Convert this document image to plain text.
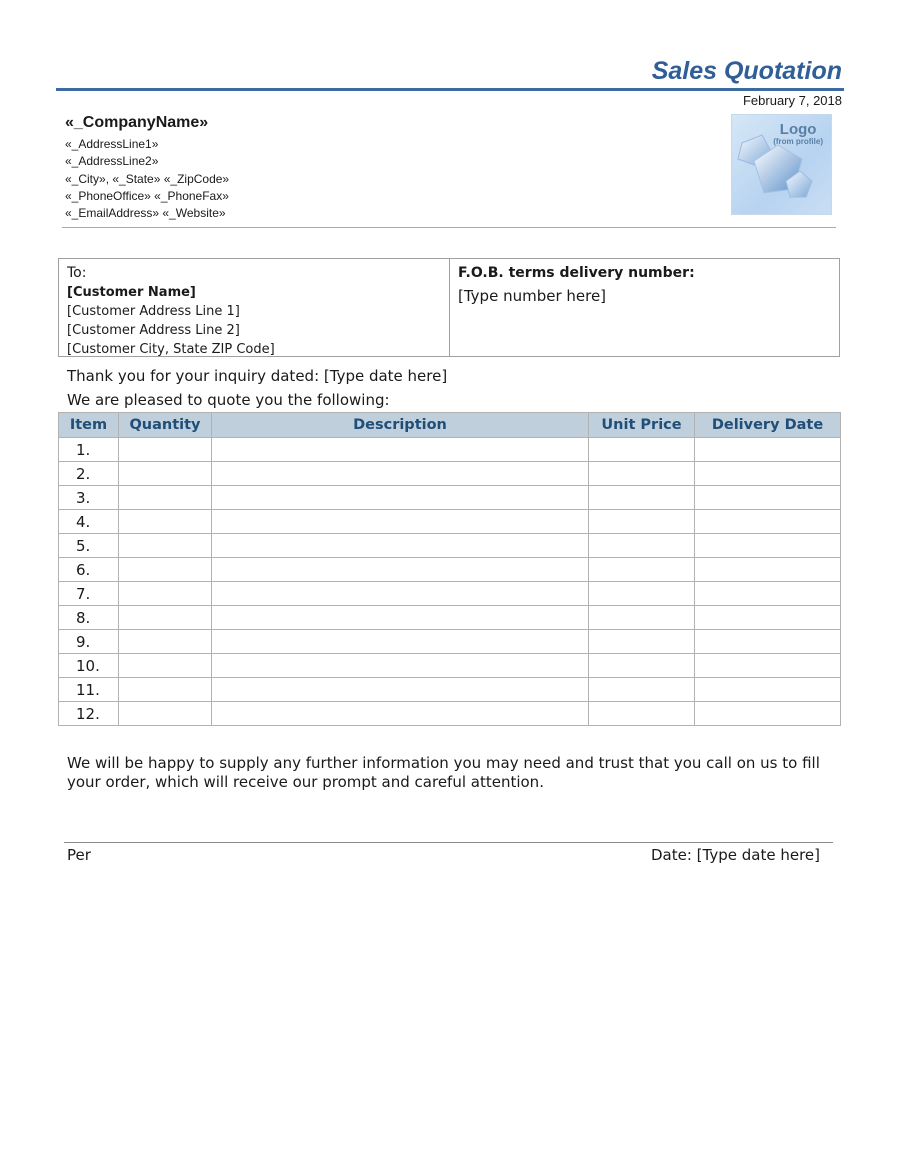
Sales Quotation
February 7, 2018
«_CompanyName»
«_AddressLine1»
«_AddressLine2»
«_City», «_State» «_ZipCode»
«_PhoneOffice» «_PhoneFax»
«_EmailAddress» «_Website»
Logo
(from profile)
To:
[Customer Name]
[Customer Address Line 1]
[Customer Address Line 2]
[Customer City, State ZIP Code]
F.O.B. terms delivery number:
[Type number here]
Thank you for your inquiry dated: [Type date here]
We are pleased to quote you the following:
Item	Quantity	Description	Unit Price	Delivery Date
1.				
2.				
3.				
4.				
5.				
6.				
7.				
8.				
9.				
10.				
11.				
12.				
We will be happy to supply any further information you may need and trust that you call on us to fill your order, which will receive our prompt and careful attention.
Per	Date: [Type date here]
